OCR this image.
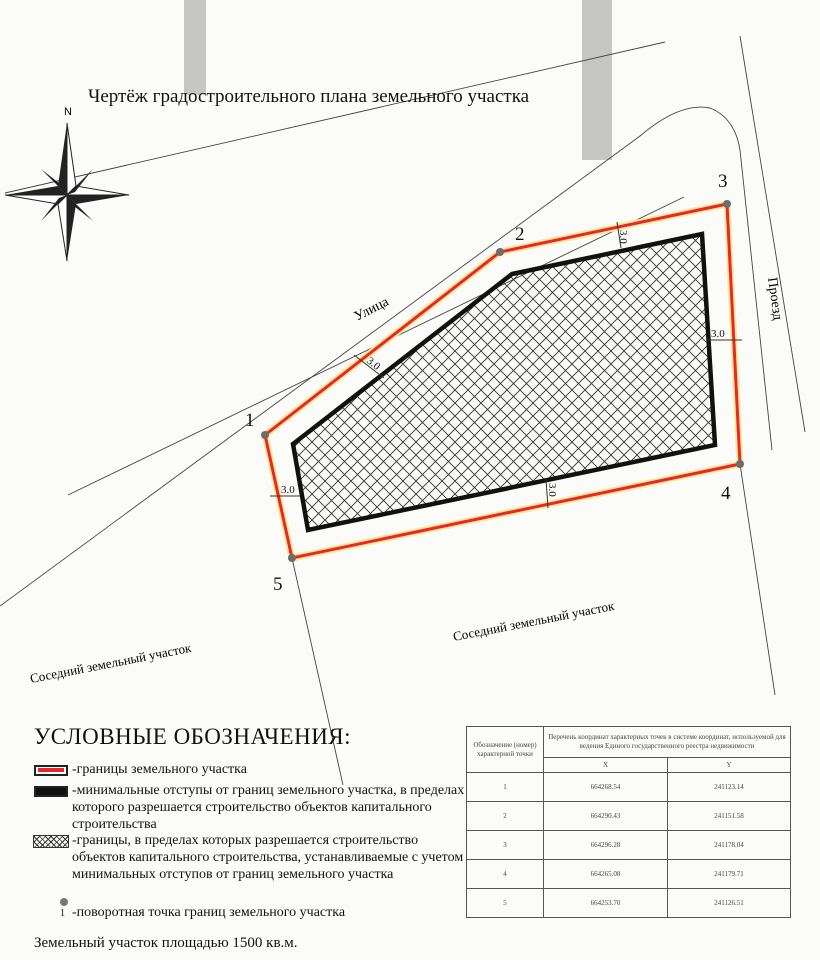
N
1
2
3
4
5
3.0
3.0
3.0
3.0	3.0
Улица	Проезд
Соседний земельный участок
Соседний земельный участок
Чертёж градостроительного плана земельного участка
УСЛОВНЫЕ ОБОЗНАЧЕНИЯ:
-границы земельного участка
-минимальные отступы от границ земельного участка, в пределах которого разрешается строительство объектов капитального строительства
-границы, в пределах которых разрешается строительство объектов капитального строительства, устанавливаемые с учетом минимальных отступов от границ земельного участка
1 -поворотная точка границ земельного участка
Земельный участок площадью 1500 кв.м.
Обозначение (номер) характерной точки	Перечень координат характерных точек в системе координат, используемой для ведения Единого государственного реестра недвижимости	
	X	Y
1	664268.54	241123.14
2	664290.43	241151.58
3	664296.28	241178.04
4	664265.08	241179.71
5	664253.70	241126.51
